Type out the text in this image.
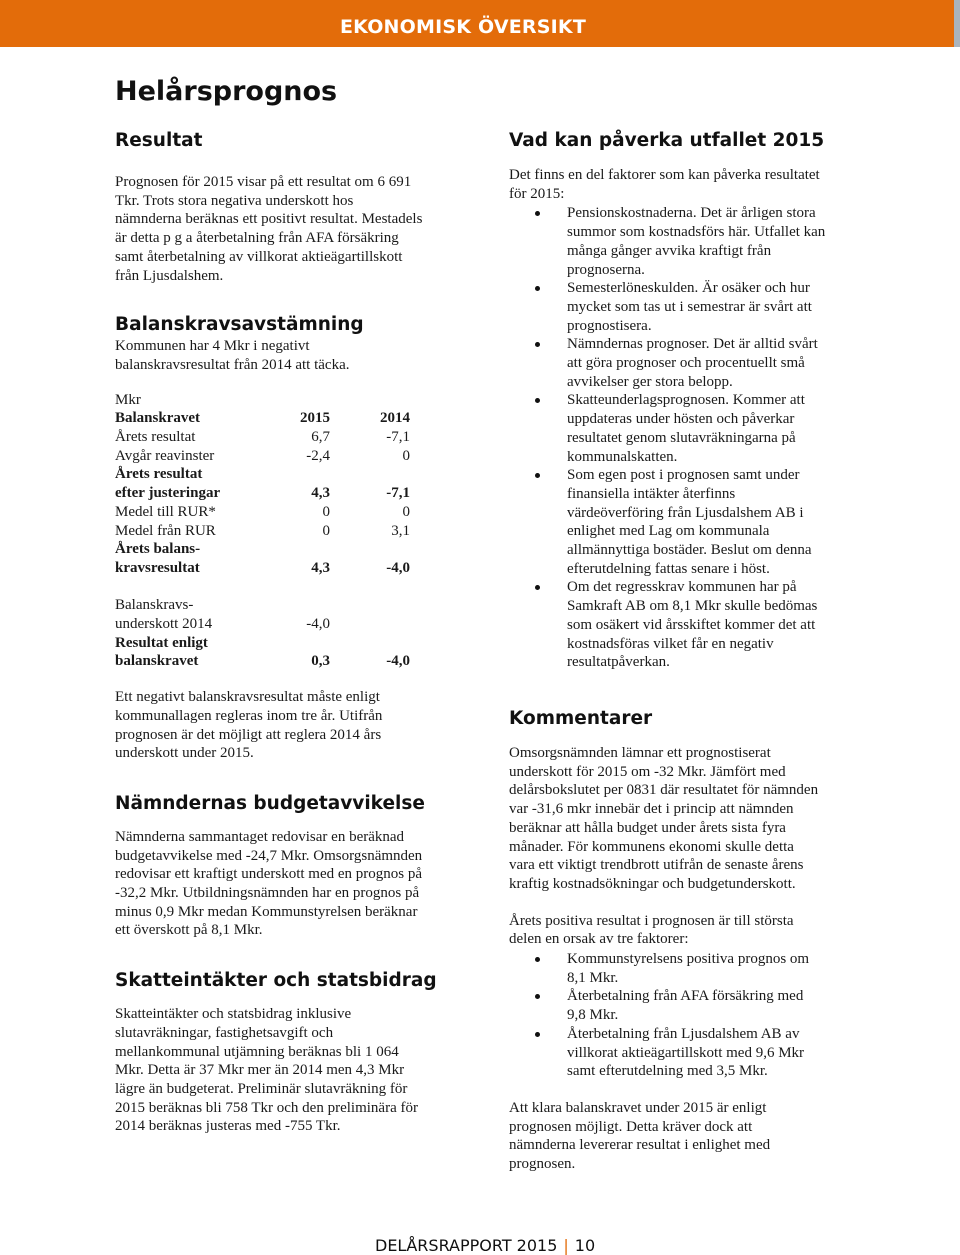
EKONOMISK ÖVERSIKT
Helårsprognos
Resultat

Prognosen för 2015 visar på ett resultat om 6 691

Tkr. Trots stora negativa underskott hos

nämnderna beräknas ett positivt resultat. Mestadels

är detta p g a återbetalning från AFA försäkring

samt återbetalning av villkorat aktieägartillskott

från Ljusdalshem.

Balanskravsavstämning

Kommunen har 4 Mkr i negativt

balanskravsresultat från 2014 att täcka.

Mkr

Balanskravet	2015	2014
Årets resultat	6,7	-7,1
Avgår reavinster	-2,4	0
Årets resultat		
efter justeringar	4,3	-7,1
Medel till RUR*	0	0
Medel från RUR	0	3,1
Årets balans-		
kravsresultat	4,3	-4,0

Balanskravs-		
underskott 2014	-4,0	
Resultat enligt		
balanskravet	0,3	-4,0

Ett negativt balanskravsresultat måste enligt

kommunallagen regleras inom tre år. Utifrån

prognosen är det möjligt att reglera 2014 års

underskott under 2015.

Nämndernas budgetavvikelse

Nämnderna sammantaget redovisar en beräknad

budgetavvikelse med -24,7 Mkr. Omsorgsnämnden

redovisar ett kraftigt underskott med en prognos på

-32,2 Mkr. Utbildningsnämnden har en prognos på

minus 0,9 Mkr medan Kommunstyrelsen beräknar

ett överskott på 8,1 Mkr.

Skatteintäkter och statsbidrag

Skatteintäkter och statsbidrag inklusive

slutavräkningar, fastighetsavgift och

mellankommunal utjämning beräknas bli 1 064

Mkr. Detta är 37 Mkr mer än 2014 men 4,3 Mkr

lägre än budgeterat. Preliminär slutavräkning för

2015 beräknas bli 758 Tkr och den preliminära för

2014 beräknas justeras med -755 Tkr.

Vad kan påverka utfallet 2015

Det finns en del faktorer som kan påverka resultatet

för 2015:

Pensionskostnaderna. Det är årligen stora
summor som kostnadsförs här. Utfallet kan
många gånger avvika kraftigt från
prognoserna.
Semesterlöneskulden. Är osäker och hur
mycket som tas ut i semestrar är svårt att
prognostisera.
Nämndernas prognoser. Det är alltid svårt
att göra prognoser och procentuellt små
avvikelser ger stora belopp.
Skatteunderlagsprognosen. Kommer att
uppdateras under hösten och påverkar
resultatet genom slutavräkningarna på
kommunalskatten.
Som egen post i prognosen samt under
finansiella intäkter återfinns
värdeöverföring från Ljusdalshem AB i
enlighet med Lag om kommunala
allmännyttiga bostäder. Beslut om denna
efterutdelning fattas senare i höst.
Om det regresskrav kommunen har på
Samkraft AB om 8,1 Mkr skulle bedömas
som osäkert vid årsskiftet kommer det att
kostnadsföras vilket får en negativ
resultatpåverkan.
Kommentarer

Omsorgsnämnden lämnar ett prognostiserat

underskott för 2015 om -32 Mkr. Jämfört med

delårsbokslutet per 0831 där resultatet för nämnden

var -31,6 mkr innebär det i princip att nämnden

beräknar att hålla budget under årets sista fyra

månader. För kommunens ekonomi skulle detta

vara ett viktigt trendbrott utifrån de senaste årens

kraftig kostnadsökningar och budgetunderskott.

Årets positiva resultat i prognosen är till största

delen en orsak av tre faktorer:

Kommunstyrelsens positiva prognos om
8,1 Mkr.
Återbetalning från AFA försäkring med
9,8 Mkr.
Återbetalning från Ljusdalshem AB av
villkorat aktieägartillskott med 9,6 Mkr
samt efterutdelning med 3,5 Mkr.

Att klara balanskravet under 2015 är enligt

prognosen möjligt. Detta kräver dock att

nämnderna levererar resultat i enlighet med

prognosen.

DELÅRSRAPPORT 2015 | 10
